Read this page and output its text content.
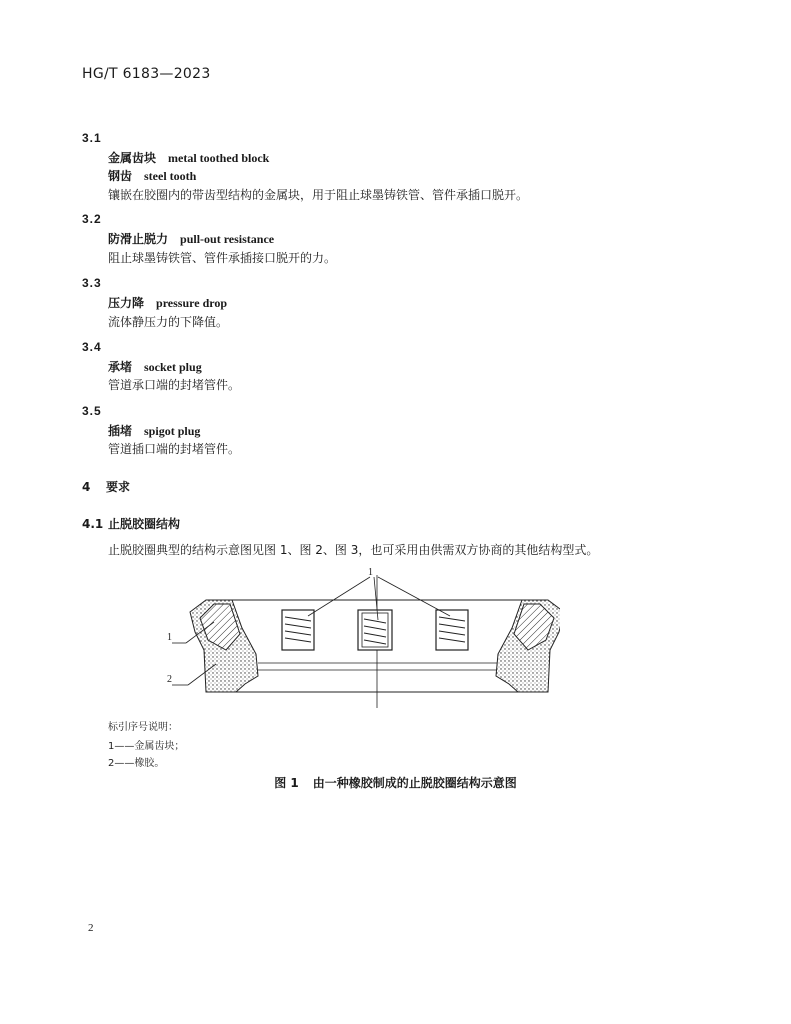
HG/T 6183—2023
3.1
金属齿块 metal toothed block
钢齿 steel tooth
镶嵌在胶圈内的带齿型结构的金属块，用于阻止球墨铸铁管、管件承插口脱开。
3.2
防滑止脱力 pull-out resistance
阻止球墨铸铁管、管件承插接口脱开的力。
3.3
压力降 pressure drop
流体静压力的下降值。
3.4
承堵 socket plug
管道承口端的封堵管件。
3.5
插堵 spigot plug
管道插口端的封堵管件。
4 要求
4.1 止脱胶圈结构
止脱胶圈典型的结构示意图见图 1、图 2、图 3，也可采用由供需双方协商的其他结构型式。
1
1
2
标引序号说明：
1——金属齿块；
2——橡胶。
图 1 由一种橡胶制成的止脱胶圈结构示意图
2
